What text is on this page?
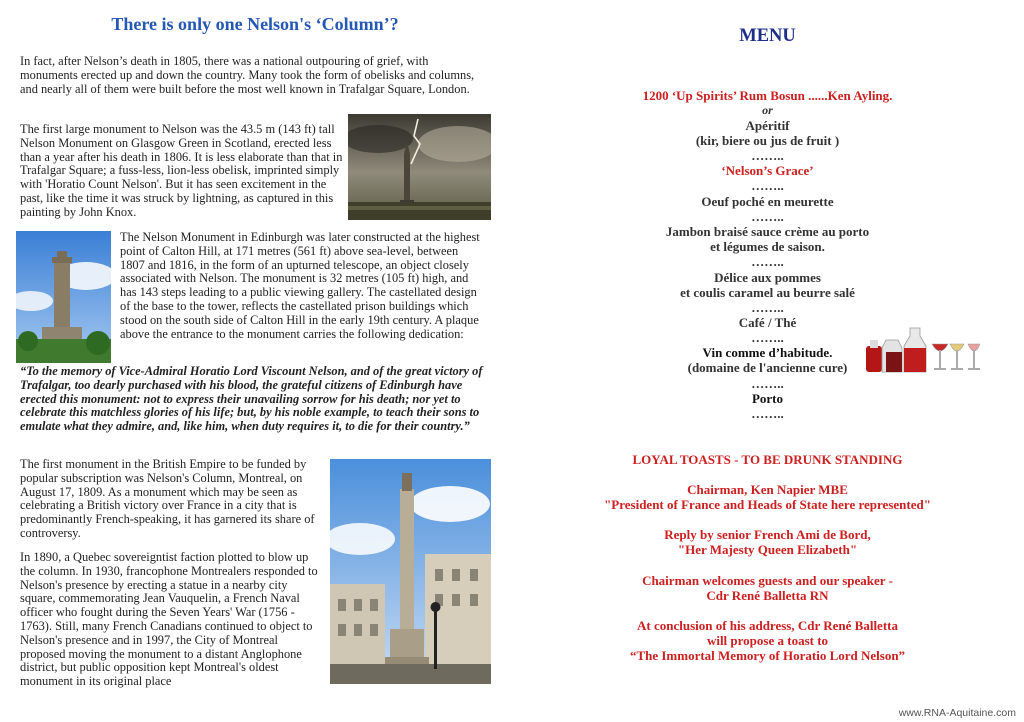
There is only one Nelson's ‘Column’?

In fact, after Nelson’s death in 1805, there was a national outpouring of grief, with monuments erected up and down the country. Many took the form of obelisks and columns, and nearly all of them were built before the most well known in Trafalgar Square, London.

The first large monument to Nelson was the 43.5 m (143 ft) tall Nelson Monument on Glasgow Green in Scotland, erected less than a year after his death in 1806. It is less elaborate than that in Trafalgar Square; a fuss-less, lion-less obelisk, imprinted simply with 'Horatio Count Nelson'. But it has seen excitement in the past, like the time it was struck by lightning, as captured in this painting by John Knox.

The Nelson Monument in Edinburgh was later constructed at the highest point of Calton Hill, at 171 metres (561 ft) above sea-level, between 1807 and 1816, in the form of an upturned telescope, an object closely associated with Nelson. The monument is 32 metres (105 ft) high, and has 143 steps leading to a public viewing gallery. The castellated design of the base to the tower, reflects the castellated prison buildings which stood on the south side of Calton Hill in the early 19th century. A plaque above the entrance to the monument carries the following dedication:

“To the memory of Vice-Admiral Horatio Lord Viscount Nelson, and of the great victory of Trafalgar, too dearly purchased with his blood, the grateful citizens of Edinburgh have erected this monument: not to express their unavailing sorrow for his death; nor yet to celebrate this matchless glories of his life; but, by his noble example, to teach their sons to emulate what they admire, and, like him, when duty requires it, to die for their country.”

The first monument in the British Empire to be funded by popular subscription was Nelson's Column, Montreal, on August 17, 1809. As a monument which may be seen as celebrating a British victory over France in a city that is predominantly French-speaking, it has garnered its share of controversy.

In 1890, a Quebec sovereigntist faction plotted to blow up the column. In 1930, francophone Montrealers responded to Nelson's presence by erecting a statue in a nearby city square, commemorating Jean Vauquelin, a French Naval officer who fought during the Seven Years' War (1756 - 1763). Still, many French Canadians continued to object to Nelson's presence and in 1997, the City of Montreal proposed moving the monument to a distant Anglophone district, but public opposition kept Montreal's oldest monument in its original place

MENU
1200 ‘Up Spirits’ Rum Bosun ......Ken Ayling.
or
Apéritif
(kir, biere ou jus de fruit )
……..
‘Nelson’s Grace’
……..
Oeuf poché en meurette
……..
Jambon braisé sauce crème au porto
et légumes de saison.
……..
Délice aux pommes
et coulis caramel au beurre salé
……..
Café / Thé
……..
Vin comme d’habitude.
(domaine de l'ancienne cure)
……..
Porto
……..
LOYAL TOASTS - TO BE DRUNK STANDING
Chairman, Ken Napier MBE
"President of France and Heads of State here represented"
Reply by senior French Ami de Bord,
"Her Majesty Queen Elizabeth"
Chairman welcomes guests and our speaker -
Cdr René Balletta RN
At conclusion of his address, Cdr René Balletta
will propose a toast to
“The Immortal Memory of Horatio Lord Nelson”
www.RNA-Aquitaine.com
